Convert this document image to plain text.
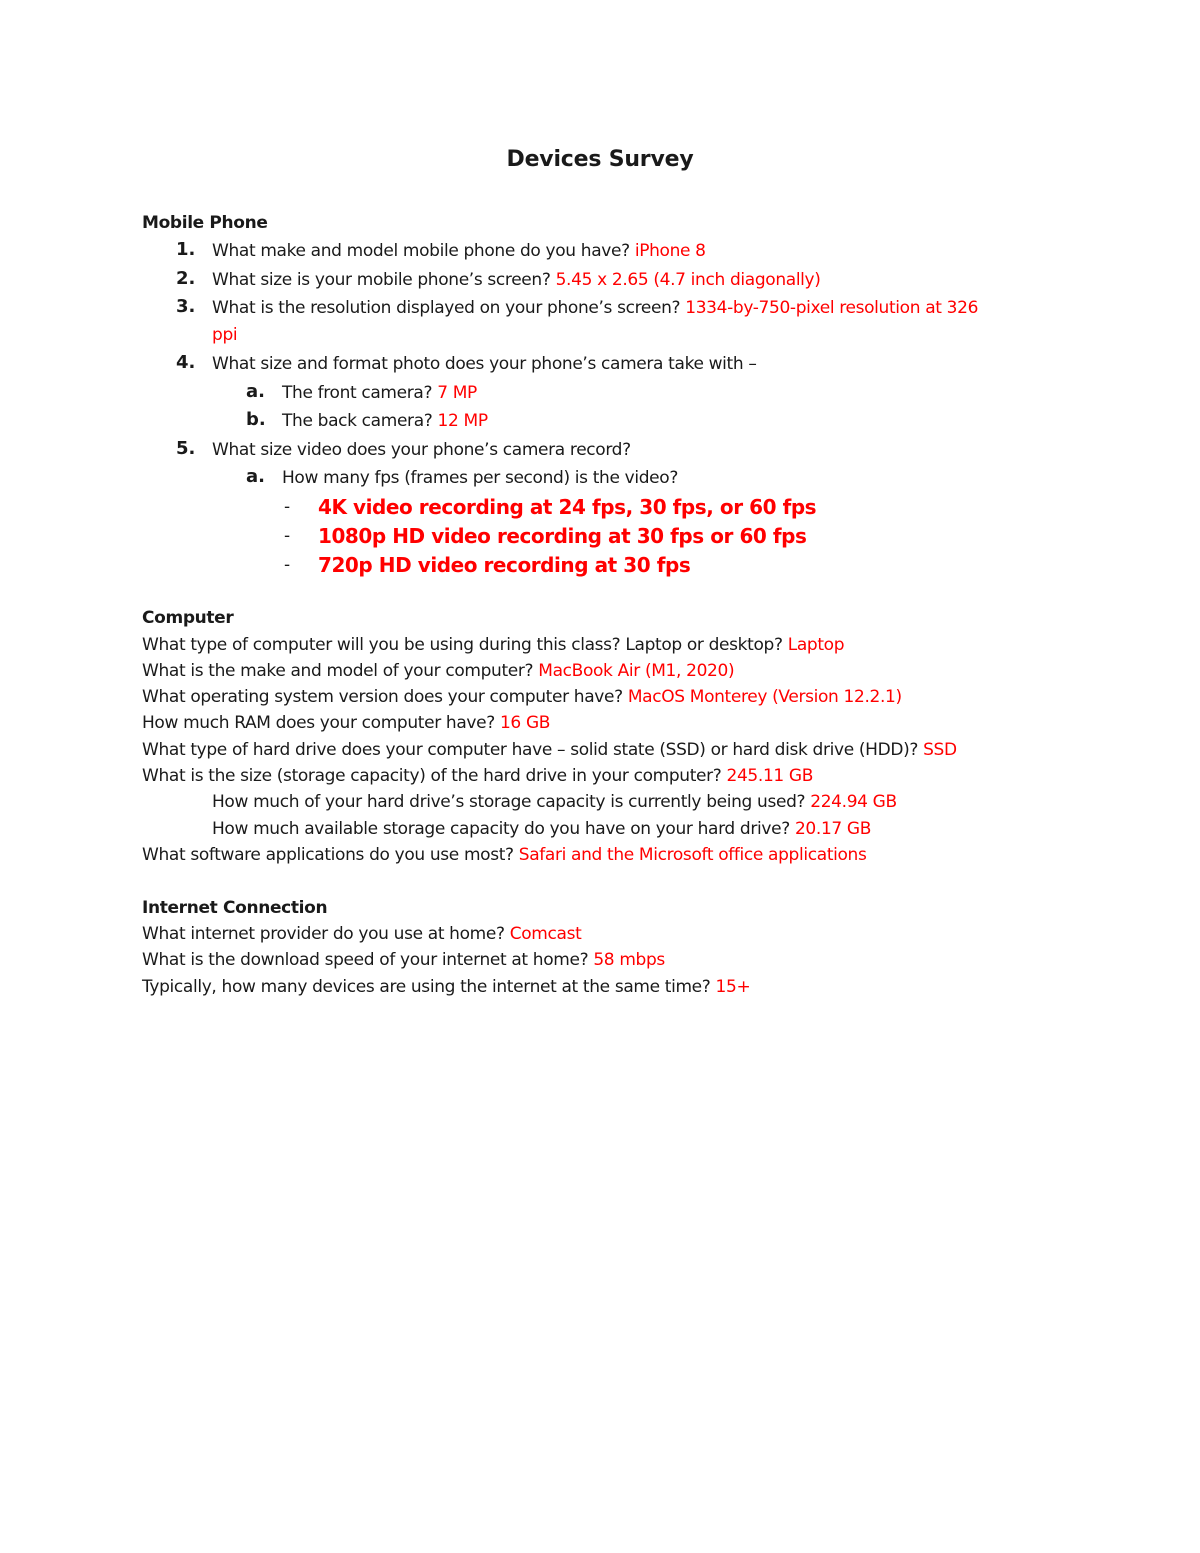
Devices Survey
Mobile Phone
1. What make and model mobile phone do you have? iPhone 8
2. What size is your mobile phone’s screen? 5.45 x 2.65 (4.7 inch diagonally)
3. What is the resolution displayed on your phone’s screen? 1334-by-750-pixel resolution at 326
ppi
4. What size and format photo does your phone’s camera take with –
a. The front camera? 7 MP
b. The back camera? 12 MP
5. What size video does your phone’s camera record?
a. How many fps (frames per second) is the video?
- 4K video recording at 24 fps, 30 fps, or 60 fps
- 1080p HD video recording at 30 fps or 60 fps
- 720p HD video recording at 30 fps
Computer
What type of computer will you be using during this class? Laptop or desktop? Laptop
What is the make and model of your computer? MacBook Air (M1, 2020)
What operating system version does your computer have? MacOS Monterey (Version 12.2.1)
How much RAM does your computer have? 16 GB
What type of hard drive does your computer have – solid state (SSD) or hard disk drive (HDD)? SSD
What is the size (storage capacity) of the hard drive in your computer? 245.11 GB
How much of your hard drive’s storage capacity is currently being used? 224.94 GB
How much available storage capacity do you have on your hard drive? 20.17 GB
What software applications do you use most? Safari and the Microsoft office applications
Internet Connection
What internet provider do you use at home? Comcast
What is the download speed of your internet at home? 58 mbps
Typically, how many devices are using the internet at the same time? 15+
